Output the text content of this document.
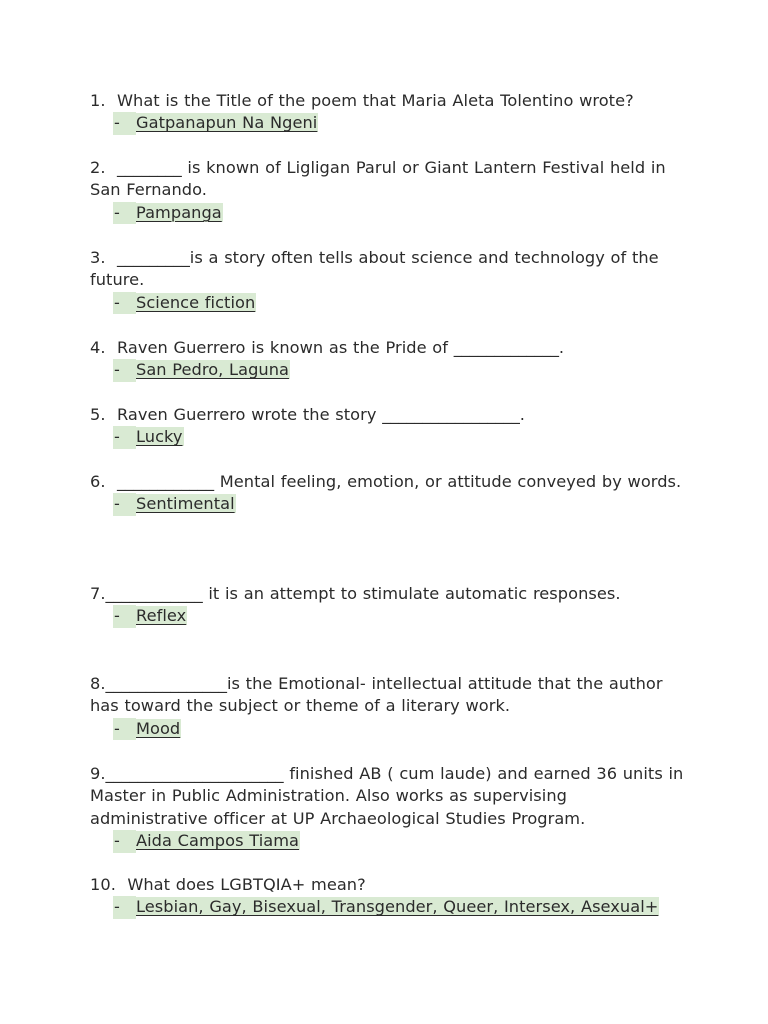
1. What is the Title of the poem that Maria Aleta Tolentino wrote?

- Gatpanapun Na Ngeni

2. ________ is known of Ligligan Parul or Giant Lantern Festival held in San Fernando.

- Pampanga

3. _________is a story often tells about science and technology of the future.

- Science fiction

4. Raven Guerrero is known as the Pride of _____________.

- San Pedro, Laguna

5. Raven Guerrero wrote the story _________________.

- Lucky

6. ____________ Mental feeling, emotion, or attitude conveyed by words.

- Sentimental

7.____________ it is an attempt to stimulate automatic responses.

- Reflex

8._______________is the Emotional- intellectual attitude that the author has toward the subject or theme of a literary work.

- Mood

9.______________________ finished AB ( cum laude) and earned 36 units in Master in Public Administration. Also works as supervising administrative officer at UP Archaeological Studies Program.

- Aida Campos Tiama

10. What does LGBTQIA+ mean?

- Lesbian, Gay, Bisexual, Transgender, Queer, Intersex, Asexual+
